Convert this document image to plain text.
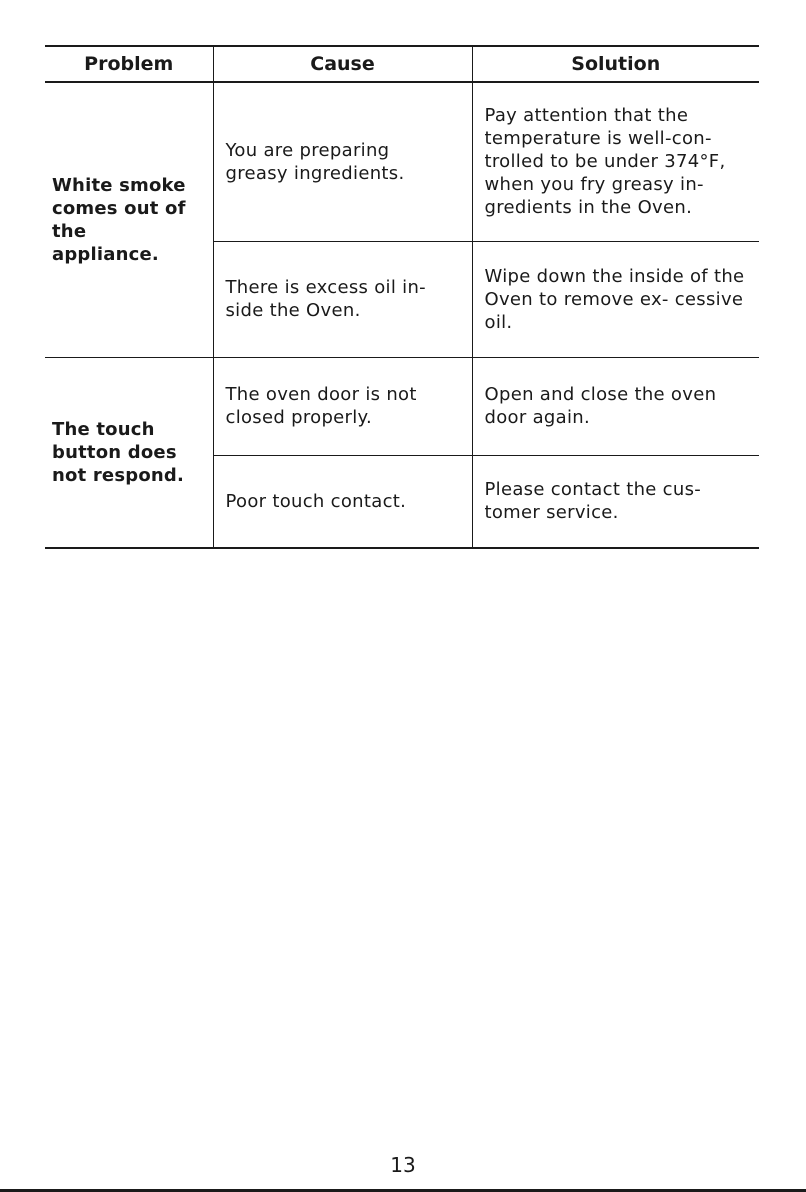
Problem	Cause	Solution

White smoke comes out of the appliance.	You are preparing greasy ingredients.	Pay attention that the temperature is well-con- trolled to be under 374°F, when you fry greasy in- gredients in the Oven.

	There is excess oil in- side the Oven.	Wipe down the inside of the Oven to remove ex- cessive oil.

The touch button does not respond.	The oven door is not closed properly.	Open and close the oven door again.

	Poor touch contact.	Please contact the cus- tomer service.
13
